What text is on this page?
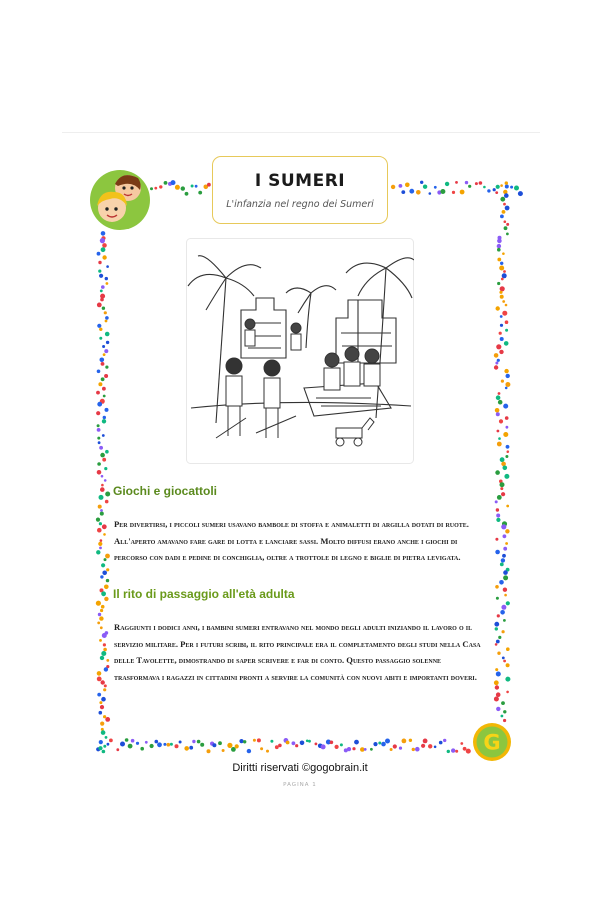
I SUMERI
L'infanzia nel regno dei Sumeri
Giochi e giocattoli

Per divertirsi, i piccoli sumeri usavano bambole di stoffa e animaletti di argilla dotati di ruote. All'aperto amavano fare gare di lotta e lanciare sassi. Molto diffusi erano anche i giochi di percorso con dadi e pedine di conchiglia, oltre a trottole di legno e biglie di pietra levigata.

Il rito di passaggio all'età adulta

Raggiunti i dodici anni, i bambini sumeri entravano nel mondo degli adulti iniziando il lavoro o il servizio militare. Per i futuri scribi, il rito principale era il completamento degli studi nella Casa delle Tavolette, dimostrando di saper scrivere e far di conto. Questo passaggio solenne trasformava i ragazzi in cittadini pronti a servire la comunità con nuovi abiti e importanti doveri.

G
Diritti riservati ©gogobrain.it
PAGINA 1
